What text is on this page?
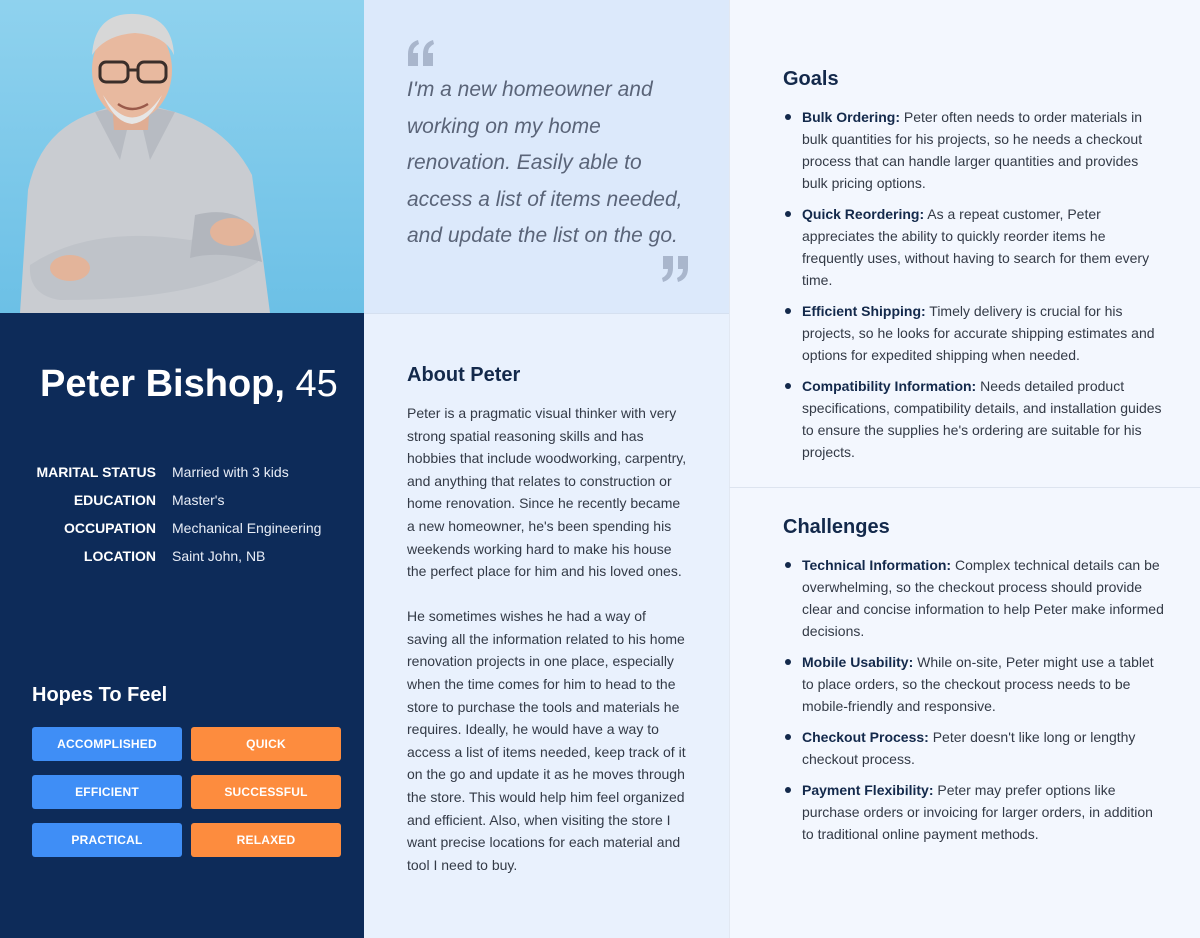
I'm a new homeowner and working on my home renovation. Easily able to access a list of items needed, and update the list on the go.

Goals
Bulk Ordering: Peter often needs to order materials in bulk quantities for his projects, so he needs a checkout process that can handle larger quantities and provides bulk pricing options.
Quick Reordering: As a repeat customer, Peter appreciates the ability to quickly reorder items he frequently uses, without having to search for them every time.
Efficient Shipping: Timely delivery is crucial for his projects, so he looks for accurate shipping estimates and options for expedited shipping when needed.
Compatibility Information: Needs detailed product specifications, compatibility details, and installation guides to ensure the supplies he's ordering are suitable for his projects.
Peter Bishop, 45
MARITAL STATUS	Married with 3 kids
EDUCATION	Master's
OCCUPATION	Mechanical Engineering
LOCATION	Saint John, NB
Hopes To Feel
ACCOMPLISHED	QUICK
EFFICIENT	SUCCESSFUL
PRACTICAL	RELAXED
About Peter

Peter is a pragmatic visual thinker with very strong spatial reasoning skills and has hobbies that include woodworking, carpentry, and anything that relates to construction or home renovation. Since he recently became a new homeowner, he's been spending his weekends working hard to make his house the perfect place for him and his loved ones.

He sometimes wishes he had a way of saving all the information related to his home renovation projects in one place, especially when the time comes for him to head to the store to purchase the tools and materials he requires. Ideally, he would have a way to access a list of items needed, keep track of it on the go and update it as he moves through the store. This would help him feel organized and efficient. Also, when visiting the store I want precise locations for each material and tool I need to buy.

Challenges
Technical Information: Complex technical details can be overwhelming, so the checkout process should provide clear and concise information to help Peter make informed decisions.
Mobile Usability: While on-site, Peter might use a tablet to place orders, so the checkout process needs to be mobile-friendly and responsive.
Checkout Process: Peter doesn't like long or lengthy checkout process.
Payment Flexibility: Peter may prefer options like purchase orders or invoicing for larger orders, in addition to traditional online payment methods.
